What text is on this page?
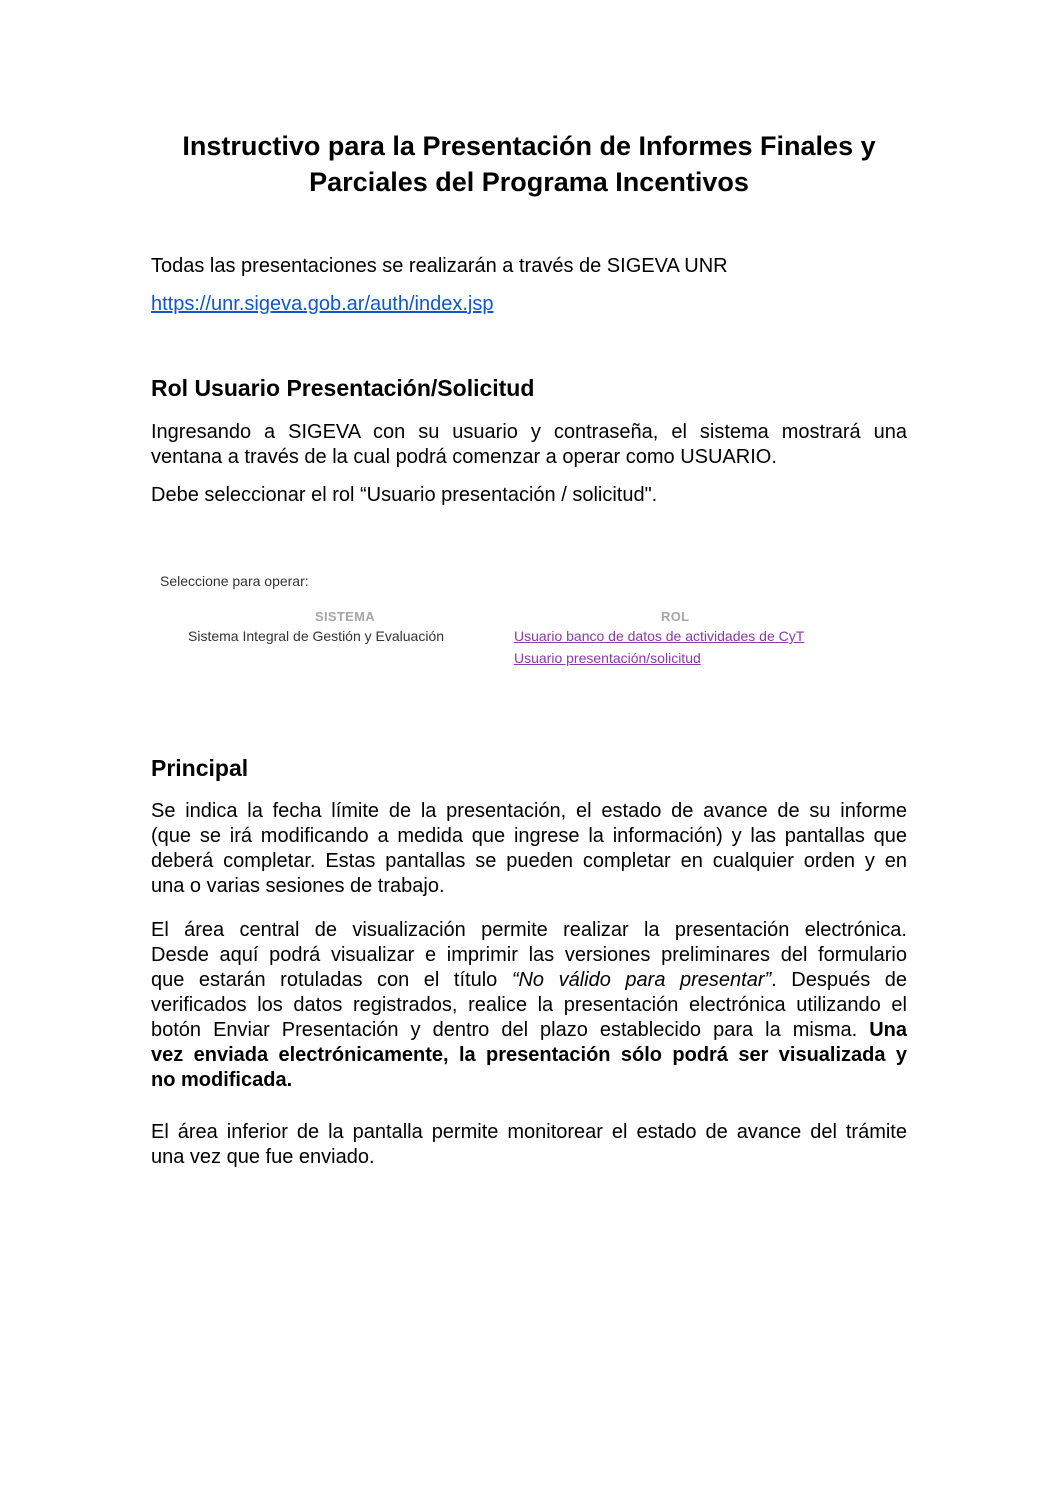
Instructivo para la Presentación de Informes Finales y
Parciales del Programa Incentivos

Todas las presentaciones se realizarán a través de SIGEVA UNR

https://unr.sigeva.gob.ar/auth/index.jsp

Rol Usuario Presentación/Solicitud

Ingresando a SIGEVA con su usuario y contraseña, el sistema mostrará una
ventana a través de la cual podrá comenzar a operar como USUARIO.

Debe seleccionar el rol “Usuario presentación / solicitud".

Seleccione para operar:
SISTEMA	ROL
Sistema Integral de Gestión y Evaluación	Usuario banco de datos de actividades de CyT
Usuario presentación/solicitud
Principal

Se indica la fecha límite de la presentación, el estado de avance de su informe
(que se irá modificando a medida que ingrese la información) y las pantallas que
deberá completar. Estas pantallas se pueden completar en cualquier orden y en
una o varias sesiones de trabajo.

El área central de visualización permite realizar la presentación electrónica.
Desde aquí podrá visualizar e imprimir las versiones preliminares del formulario
que estarán rotuladas con el título “No válido para presentar”. Después de
verificados los datos registrados, realice la presentación electrónica utilizando el
botón Enviar Presentación y dentro del plazo establecido para la misma. Una
vez enviada electrónicamente, la presentación sólo podrá ser visualizada y
no modificada.

El área inferior de la pantalla permite monitorear el estado de avance del trámite
una vez que fue enviado.
